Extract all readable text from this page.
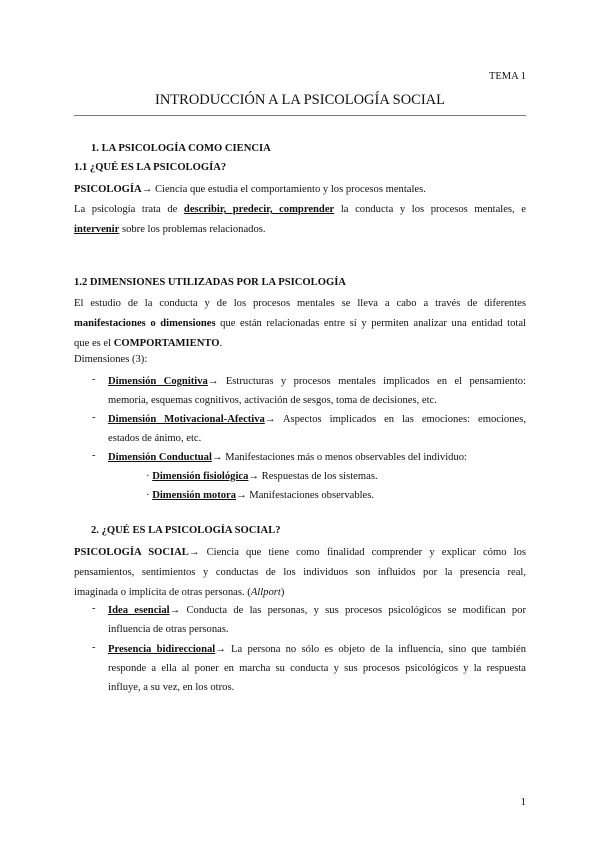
TEMA 1
INTRODUCCIÓN A LA PSICOLOGÍA SOCIAL
1. LA PSICOLOGÍA COMO CIENCIA
1.1 ¿QUÉ ES LA PSICOLOGÍA?
PSICOLOGÍA→ Ciencia que estudia el comportamiento y los procesos mentales.
La psicología trata de describir, predecir, comprender la conducta y los procesos mentales, e
intervenir sobre los problemas relacionados.
1.2 DIMENSIONES UTILIZADAS POR LA PSICOLOGÍA
El estudio de la conducta y de los procesos mentales se lleva a cabo a través de diferentes
manifestaciones o dimensiones que están relacionadas entre sí y permiten analizar una entidad total
que es el COMPORTAMIENTO.
Dimensiones (3):
- Dimensión Cognitiva→ Estructuras y procesos mentales implicados en el pensamiento:
memoria, esquemas cognitivos, activación de sesgos, toma de decisiones, etc.
- Dimensión Motivacional-Afectiva→ Aspectos implicados en las emociones: emociones,
estados de ánimo, etc.
- Dimensión Conductual→ Manifestaciones más o menos observables del individuo:
· Dimensión fisiológica→ Respuestas de los sistemas.
· Dimensión motora→ Manifestaciones observables.
2. ¿QUÉ ES LA PSICOLOGÍA SOCIAL?
PSICOLOGÍA SOCIAL→ Ciencia que tiene como finalidad comprender y explicar cómo los
pensamientos, sentimientos y conductas de los individuos son influidos por la presencia real,
imaginada o implícita de otras personas. (Allport)
- Idea esencial→ Conducta de las personas, y sus procesos psicológicos se modifican por
influencia de otras personas.
- Presencia bidireccional→ La persona no sólo es objeto de la influencia, sino que también
responde a ella al poner en marcha su conducta y sus procesos psicológicos y la respuesta
influye, a su vez, en los otros.
1
